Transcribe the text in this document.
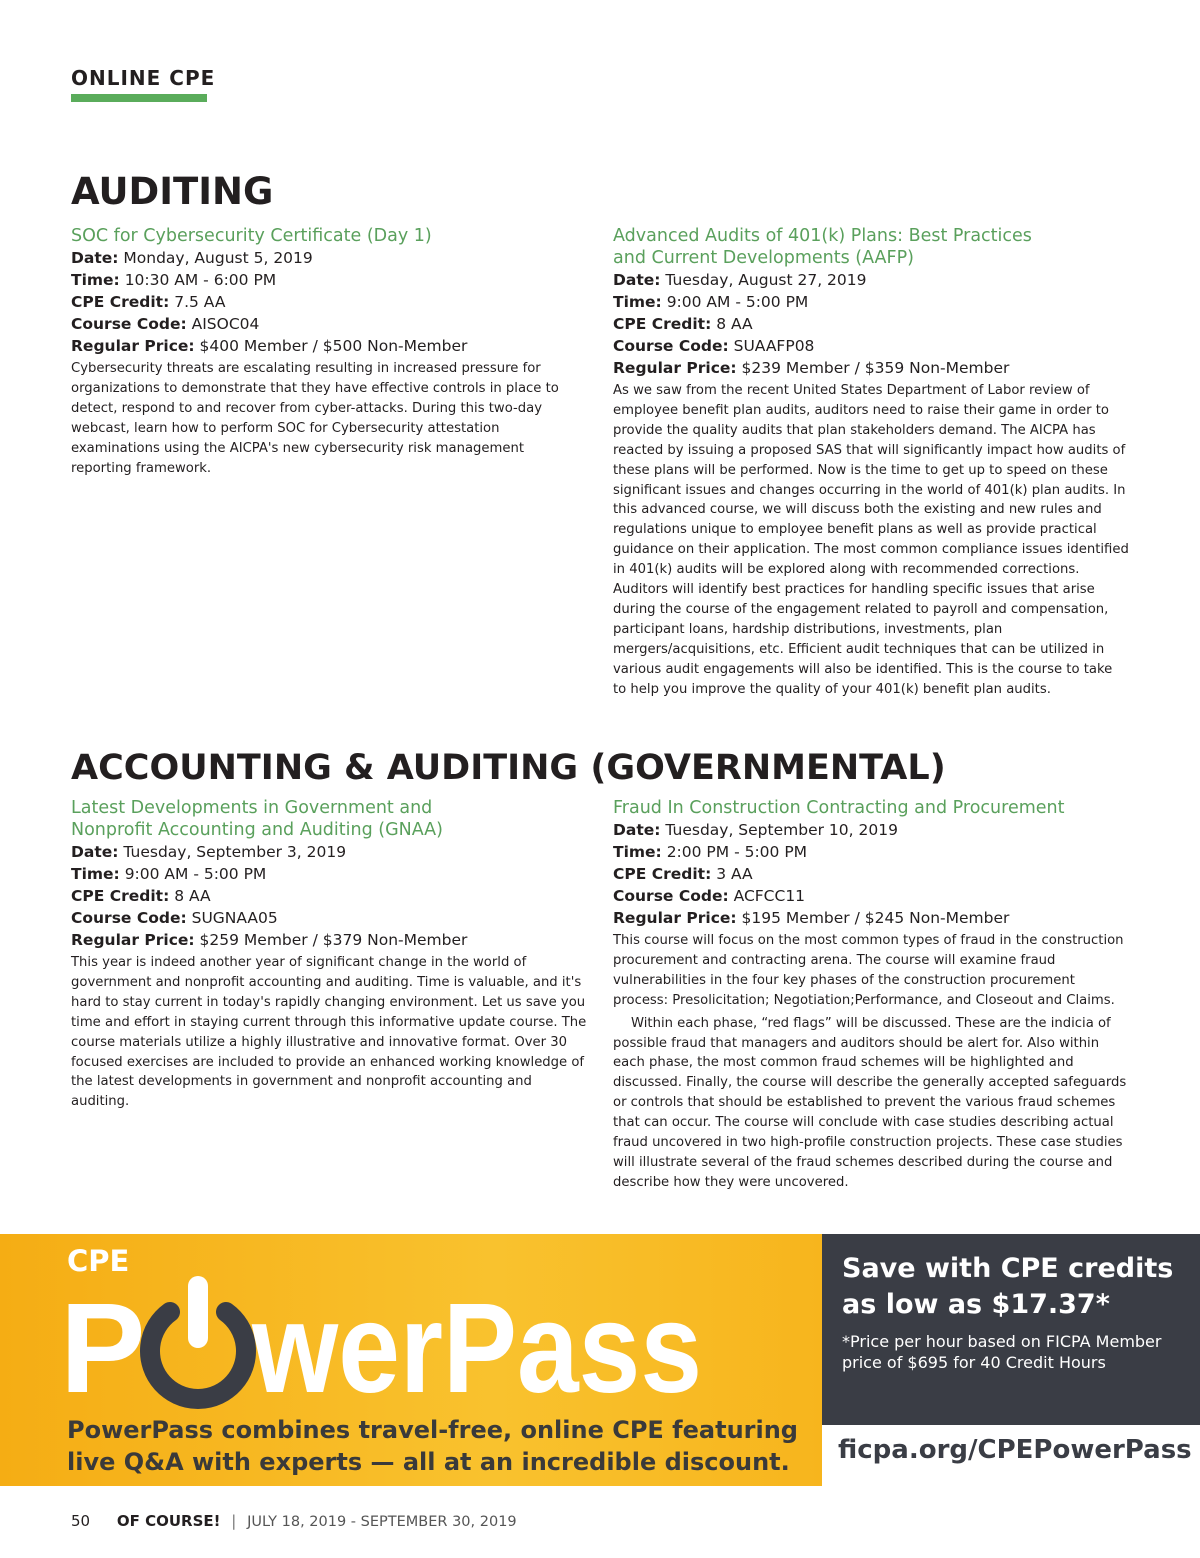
ONLINE CPE
AUDITING

SOC for Cybersecurity Certificate (Day 1)

Date: Monday, August 5, 2019

Time: 10:30 AM - 6:00 PM

CPE Credit: 7.5 AA

Course Code: AISOC04

Regular Price: $400 Member / $500 Non-Member

Cybersecurity threats are escalating resulting in increased pressure for organizations to demonstrate that they have effective controls in place to detect, respond to and recover from cyber-attacks. During this two-day webcast, learn how to perform SOC for Cybersecurity attestation examinations using the AICPA's new cybersecurity risk management reporting framework.

Advanced Audits of 401(k) Plans: Best Practices
and Current Developments (AAFP)

Date: Tuesday, August 27, 2019

Time: 9:00 AM - 5:00 PM

CPE Credit: 8 AA

Course Code: SUAAFP08

Regular Price: $239 Member / $359 Non-Member

As we saw from the recent United States Department of Labor review of employee benefit plan audits, auditors need to raise their game in order to provide the quality audits that plan stakeholders demand. The AICPA has reacted by issuing a proposed SAS that will significantly impact how audits of these plans will be performed. Now is the time to get up to speed on these significant issues and changes occurring in the world of 401(k) plan audits. In this advanced course, we will discuss both the existing and new rules and regulations unique to employee benefit plans as well as provide practical guidance on their application. The most common compliance issues identified in 401(k) audits will be explored along with recommended corrections. Auditors will identify best practices for handling specific issues that arise during the course of the engagement related to payroll and compensation, participant loans, hardship distributions, investments, plan mergers/acquisitions, etc. Efficient audit techniques that can be utilized in various audit engagements will also be identified. This is the course to take to help you improve the quality of your 401(k) benefit plan audits.

ACCOUNTING & AUDITING (GOVERNMENTAL)

Latest Developments in Government and
Nonprofit Accounting and Auditing (GNAA)

Date: Tuesday, September 3, 2019

Time: 9:00 AM - 5:00 PM

CPE Credit: 8 AA

Course Code: SUGNAA05

Regular Price: $259 Member / $379 Non-Member

This year is indeed another year of significant change in the world of government and nonprofit accounting and auditing. Time is valuable, and it's hard to stay current in today's rapidly changing environment. Let us save you time and effort in staying current through this informative update course. The course materials utilize a highly illustrative and innovative format. Over 30 focused exercises are included to provide an enhanced working knowledge of the latest developments in government and nonprofit accounting and auditing.

Fraud In Construction Contracting and Procurement

Date: Tuesday, September 10, 2019

Time: 2:00 PM - 5:00 PM

CPE Credit: 3 AA

Course Code: ACFCC11

Regular Price: $195 Member / $245 Non-Member

This course will focus on the most common types of fraud in the construction procurement and contracting arena. The course will examine fraud vulnerabilities in the four key phases of the construction procurement process: Presolicitation; Negotiation;Performance, and Closeout and Claims.

Within each phase, “red flags” will be discussed. These are the indicia of possible fraud that managers and auditors should be alert for. Also within each phase, the most common fraud schemes will be highlighted and discussed. Finally, the course will describe the generally accepted safeguards or controls that should be established to prevent the various fraud schemes that can occur. The course will conclude with case studies describing actual fraud uncovered in two high-profile construction projects. These case studies will illustrate several of the fraud schemes described during the course and describe how they were uncovered.

CPE
P werPass
PowerPass combines travel-free, online CPE featuring live Q&A with experts — all at an incredible discount.
Save with CPE credits as low as $17.37*
*Price per hour based on FICPA Member price of $695 for 40 Credit Hours
ficpa.org/CPEPowerPass
50 OF COURSE! | JULY 18, 2019 - SEPTEMBER 30, 2019
